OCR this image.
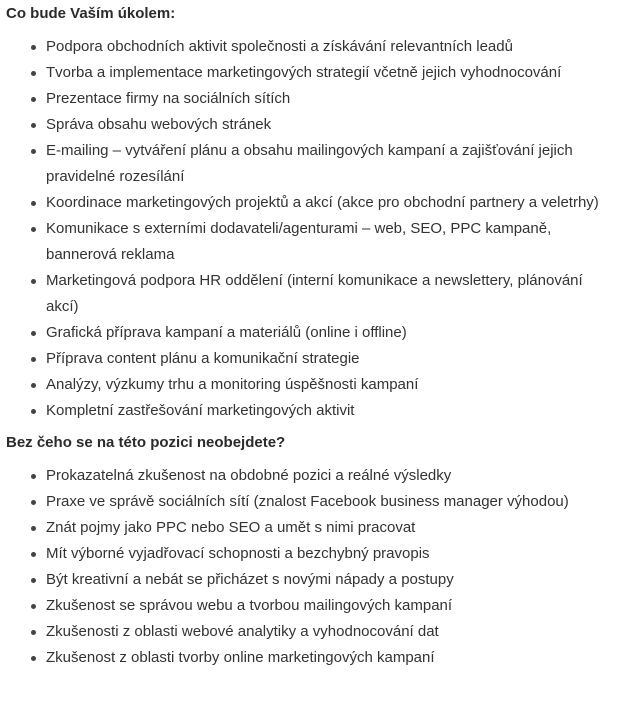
Co bude Vaším úkolem:
Podpora obchodních aktivit společnosti a získávání relevantních leadů
Tvorba a implementace marketingových strategií včetně jejich vyhodnocování
Prezentace firmy na sociálních sítích
Správa obsahu webových stránek
E-mailing – vytváření plánu a obsahu mailingových kampaní a zajišťování jejich pravidelné rozesílání
Koordinace marketingových projektů a akcí (akce pro obchodní partnery a veletrhy)
Komunikace s externími dodavateli/agenturami – web, SEO, PPC kampaně, bannerová reklama
Marketingová podpora HR oddělení (interní komunikace a newslettery, plánování akcí)
Grafická příprava kampaní a materiálů (online i offline)
Příprava content plánu a komunikační strategie
Analýzy, výzkumy trhu a monitoring úspěšnosti kampaní
Kompletní zastřešování marketingových aktivit
Bez čeho se na této pozici neobejdete?
Prokazatelná zkušenost na obdobné pozici a reálné výsledky
Praxe ve správě sociálních sítí (znalost Facebook business manager výhodou)
Znát pojmy jako PPC nebo SEO a umět s nimi pracovat
Mít výborné vyjadřovací schopnosti a bezchybný pravopis
Být kreativní a nebát se přicházet s novými nápady a postupy
Zkušenost se správou webu a tvorbou mailingových kampaní
Zkušenosti z oblasti webové analytiky a vyhodnocování dat
Zkušenost z oblasti tvorby online marketingových kampaní
